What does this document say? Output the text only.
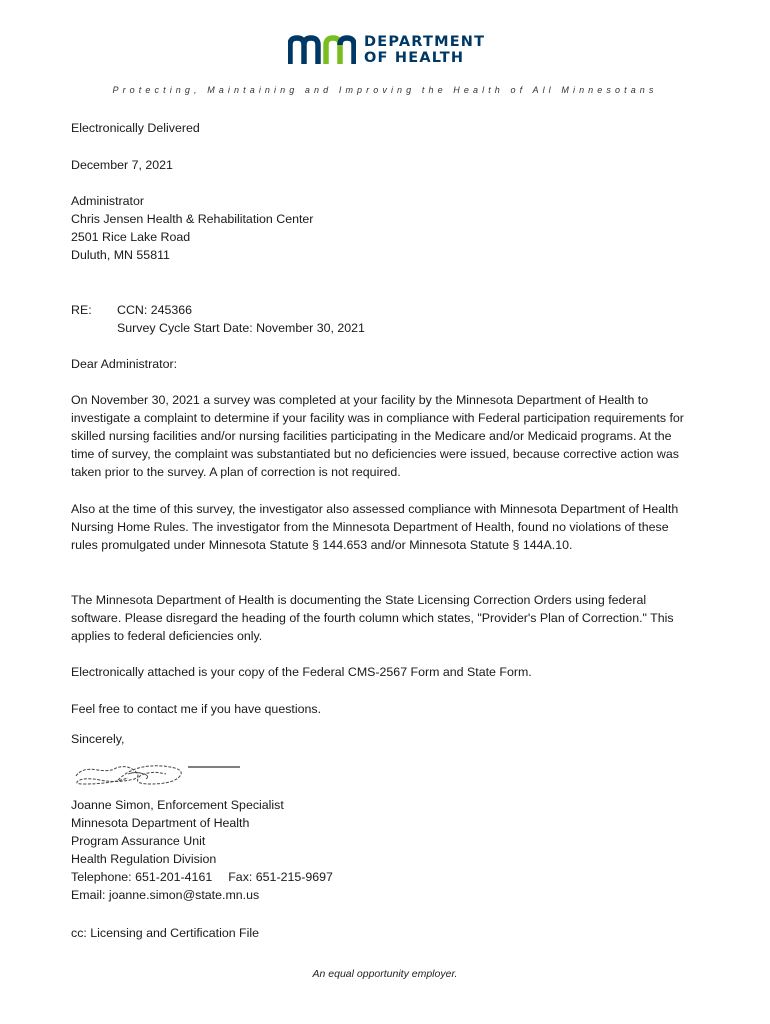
DEPARTMENT
OF HEALTH
Protecting, Maintaining and Improving the Health of All Minnesotans
Electronically Delivered
December 7, 2021
Administrator
Chris Jensen Health & Rehabilitation Center
2501 Rice Lake Road
Duluth, MN 55811
RE: CCN: 245366
Survey Cycle Start Date: November 30, 2021
Dear Administrator:
On November 30, 2021 a survey was completed at your facility by the Minnesota Department of Health to investigate a complaint to determine if your facility was in compliance with Federal participation requirements for skilled nursing facilities and/or nursing facilities participating in the Medicare and/or Medicaid programs. At the time of survey, the complaint was substantiated but no deficiencies were issued, because corrective action was taken prior to the survey. A plan of correction is not required.
Also at the time of this survey, the investigator also assessed compliance with Minnesota Department of Health Nursing Home Rules. The investigator from the Minnesota Department of Health, found no violations of these rules promulgated under Minnesota Statute § 144.653 and/or Minnesota Statute § 144A.10.
The Minnesota Department of Health is documenting the State Licensing Correction Orders using federal software. Please disregard the heading of the fourth column which states, "Provider's Plan of Correction." This applies to federal deficiencies only.
Electronically attached is your copy of the Federal CMS-2567 Form and State Form.
Feel free to contact me if you have questions.
Sincerely,
Joanne Simon, Enforcement Specialist
Minnesota Department of Health
Program Assurance Unit
Health Regulation Division
Telephone: 651-201-4161 Fax: 651-215-9697
Email: joanne.simon@state.mn.us
cc: Licensing and Certification File
An equal opportunity employer.
